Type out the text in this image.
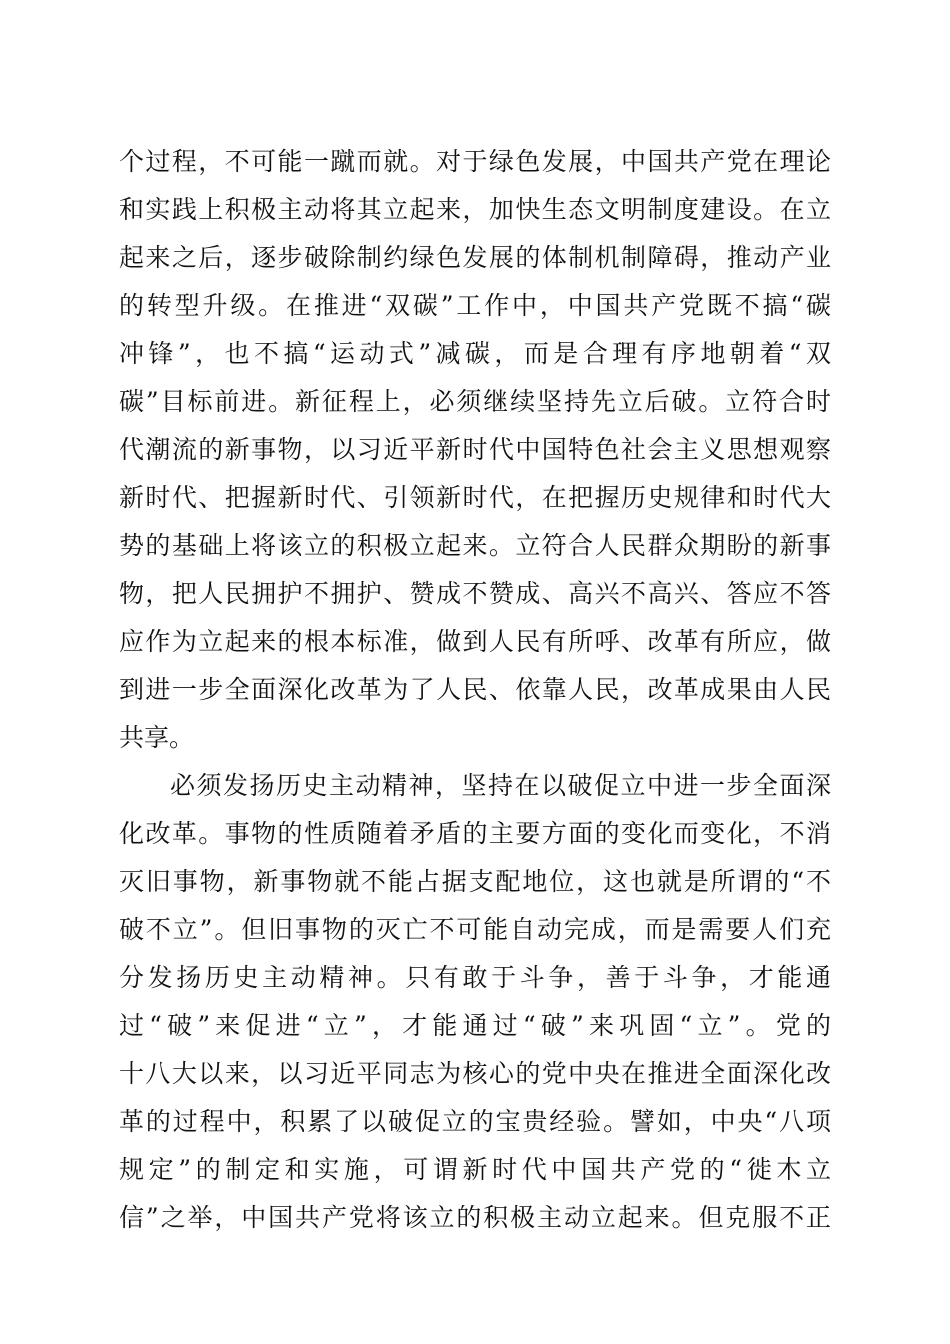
个过程，不可能一蹴而就。对于绿色发展，中国共产党在理论
和实践上积极主动将其立起来，加快生态文明制度建设。在立
起来之后，逐步破除制约绿色发展的体制机制障碍，推动产业
的转型升级。在推进“双碳”工作中，中国共产党既不搞“碳
冲锋”，也不搞“运动式”减碳，而是合理有序地朝着“双
碳”目标前进。新征程上，必须继续坚持先立后破。立符合时
代潮流的新事物，以习近平新时代中国特色社会主义思想观察
新时代、把握新时代、引领新时代，在把握历史规律和时代大
势的基础上将该立的积极立起来。立符合人民群众期盼的新事
物，把人民拥护不拥护、赞成不赞成、高兴不高兴、答应不答
应作为立起来的根本标准，做到人民有所呼、改革有所应，做
到进一步全面深化改革为了人民、依靠人民，改革成果由人民
共享。
必须发扬历史主动精神，坚持在以破促立中进一步全面深
化改革。事物的性质随着矛盾的主要方面的变化而变化，不消
灭旧事物，新事物就不能占据支配地位，这也就是所谓的“不
破不立”。但旧事物的灭亡不可能自动完成，而是需要人们充
分发扬历史主动精神。只有敢于斗争，善于斗争，才能通
过“破”来促进“立”，才能通过“破”来巩固“立”。党的
十八大以来，以习近平同志为核心的党中央在推进全面深化改
革的过程中，积累了以破促立的宝贵经验。譬如，中央“八项
规定”的制定和实施，可谓新时代中国共产党的“徙木立
信”之举，中国共产党将该立的积极主动立起来。但克服不正
